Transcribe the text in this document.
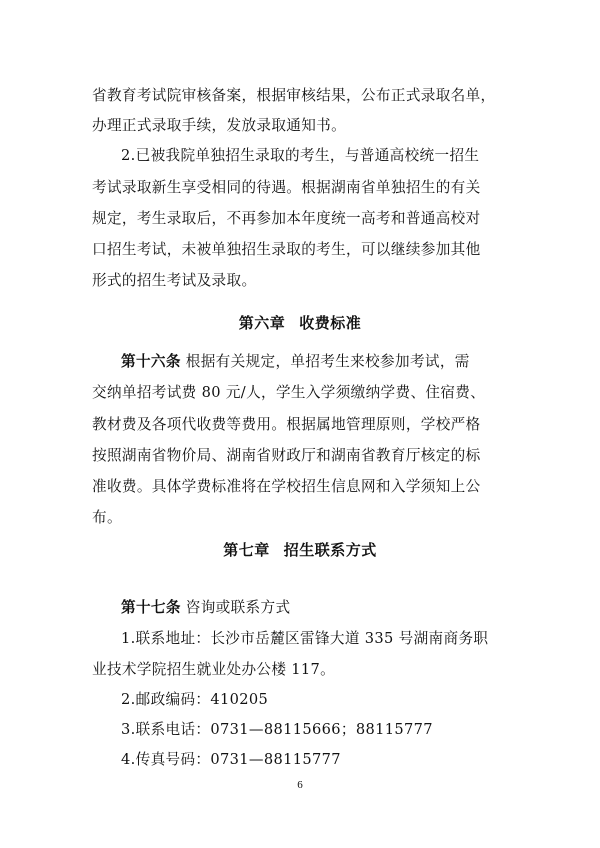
省教育考试院审核备案，根据审核结果，公布正式录取名单，
办理正式录取手续，发放录取通知书。
2.已被我院单独招生录取的考生，与普通高校统一招生
考试录取新生享受相同的待遇。根据湖南省单独招生的有关
规定，考生录取后，不再参加本年度统一高考和普通高校对
口招生考试，未被单独招生录取的考生，可以继续参加其他
形式的招生考试及录取。
第六章 收费标准
第十六条 根据有关规定，单招考生来校参加考试，需
交纳单招考试费 80 元/人，学生入学须缴纳学费、住宿费、
教材费及各项代收费等费用。根据属地管理原则，学校严格
按照湖南省物价局、湖南省财政厅和湖南省教育厅核定的标
准收费。具体学费标准将在学校招生信息网和入学须知上公
布。
第七章 招生联系方式
第十七条 咨询或联系方式
1.联系地址：长沙市岳麓区雷锋大道 335 号湖南商务职
业技术学院招生就业处办公楼 117。
2.邮政编码：410205
3.联系电话：0731—88115666；88115777
4.传真号码：0731—88115777
6
